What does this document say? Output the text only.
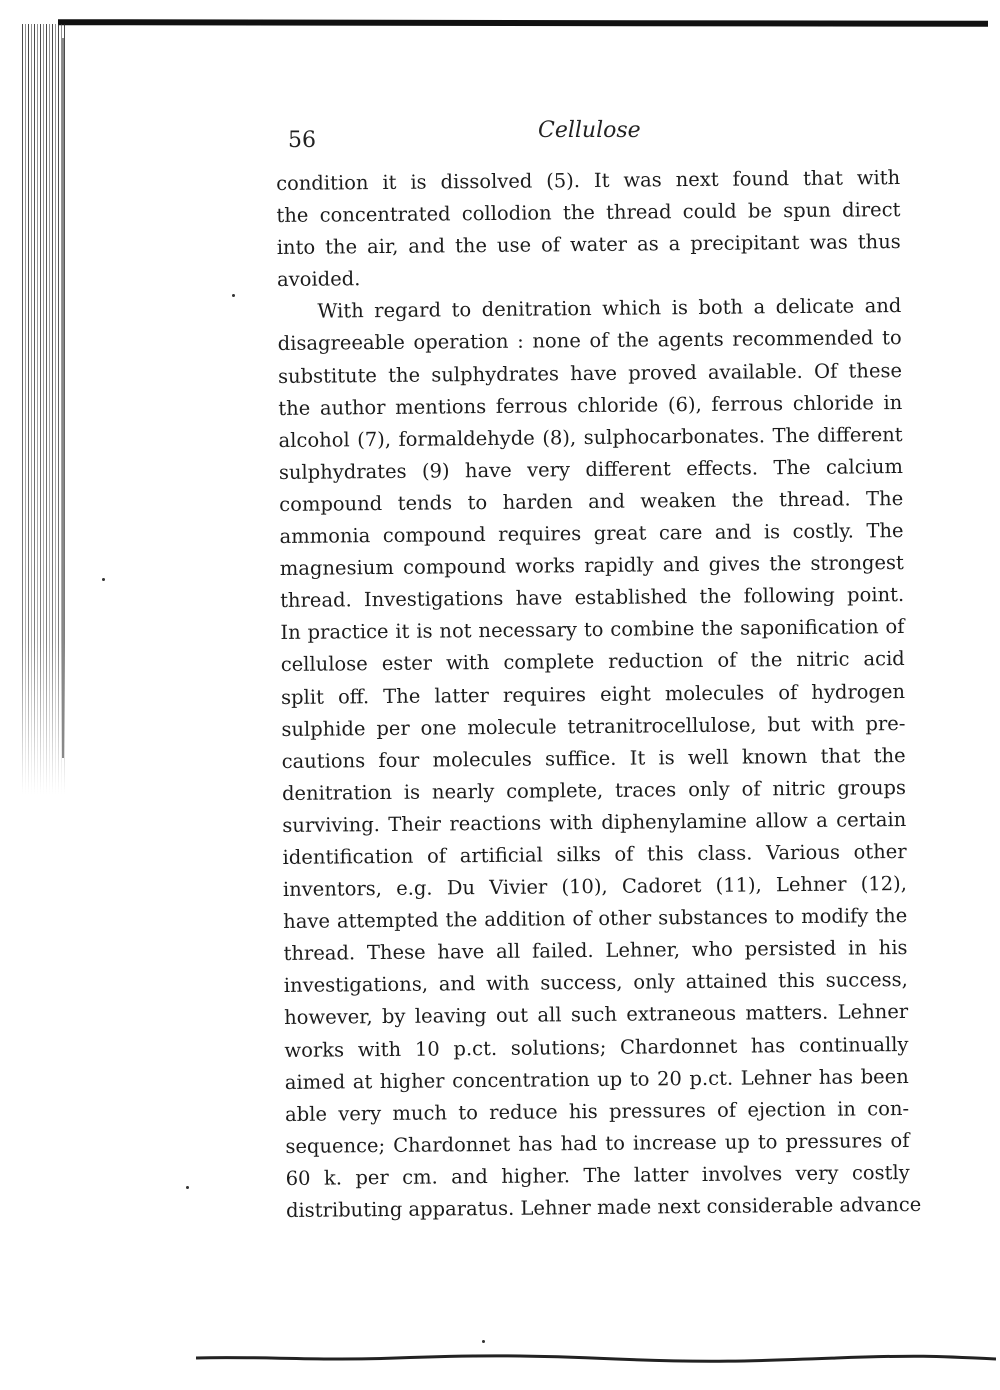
56	Cellulose
condition it is dissolved (5). It was next found that with
the concentrated collodion the thread could be spun direct
into the air, and the use of water as a precipitant was thus
avoided.
With regard to denitration which is both a delicate and
disagreeable operation : none of the agents recommended to
substitute the sulphydrates have proved available. Of these
the author mentions ferrous chloride (6), ferrous chloride in
alcohol (7), formaldehyde (8), sulphocarbonates. The different
sulphydrates (9) have very different effects. The calcium
compound tends to harden and weaken the thread. The
ammonia compound requires great care and is costly. The
magnesium compound works rapidly and gives the strongest
thread. Investigations have established the following point.
In practice it is not necessary to combine the saponification of
cellulose ester with complete reduction of the nitric acid
split off. The latter requires eight molecules of hydrogen
sulphide per one molecule tetranitrocellulose, but with pre-
cautions four molecules suffice. It is well known that the
denitration is nearly complete, traces only of nitric groups
surviving. Their reactions with diphenylamine allow a certain
identification of artificial silks of this class. Various other
inventors, e.g. Du Vivier (10), Cadoret (11), Lehner (12),
have attempted the addition of other substances to modify the
thread. These have all failed. Lehner, who persisted in his
investigations, and with success, only attained this success,
however, by leaving out all such extraneous matters. Lehner
works with 10 p.ct. solutions; Chardonnet has continually
aimed at higher concentration up to 20 p.ct. Lehner has been
able very much to reduce his pressures of ejection in con-
sequence; Chardonnet has had to increase up to pressures of
60 k. per cm. and higher. The latter involves very costly
distributing apparatus. Lehner made next considerable advance
